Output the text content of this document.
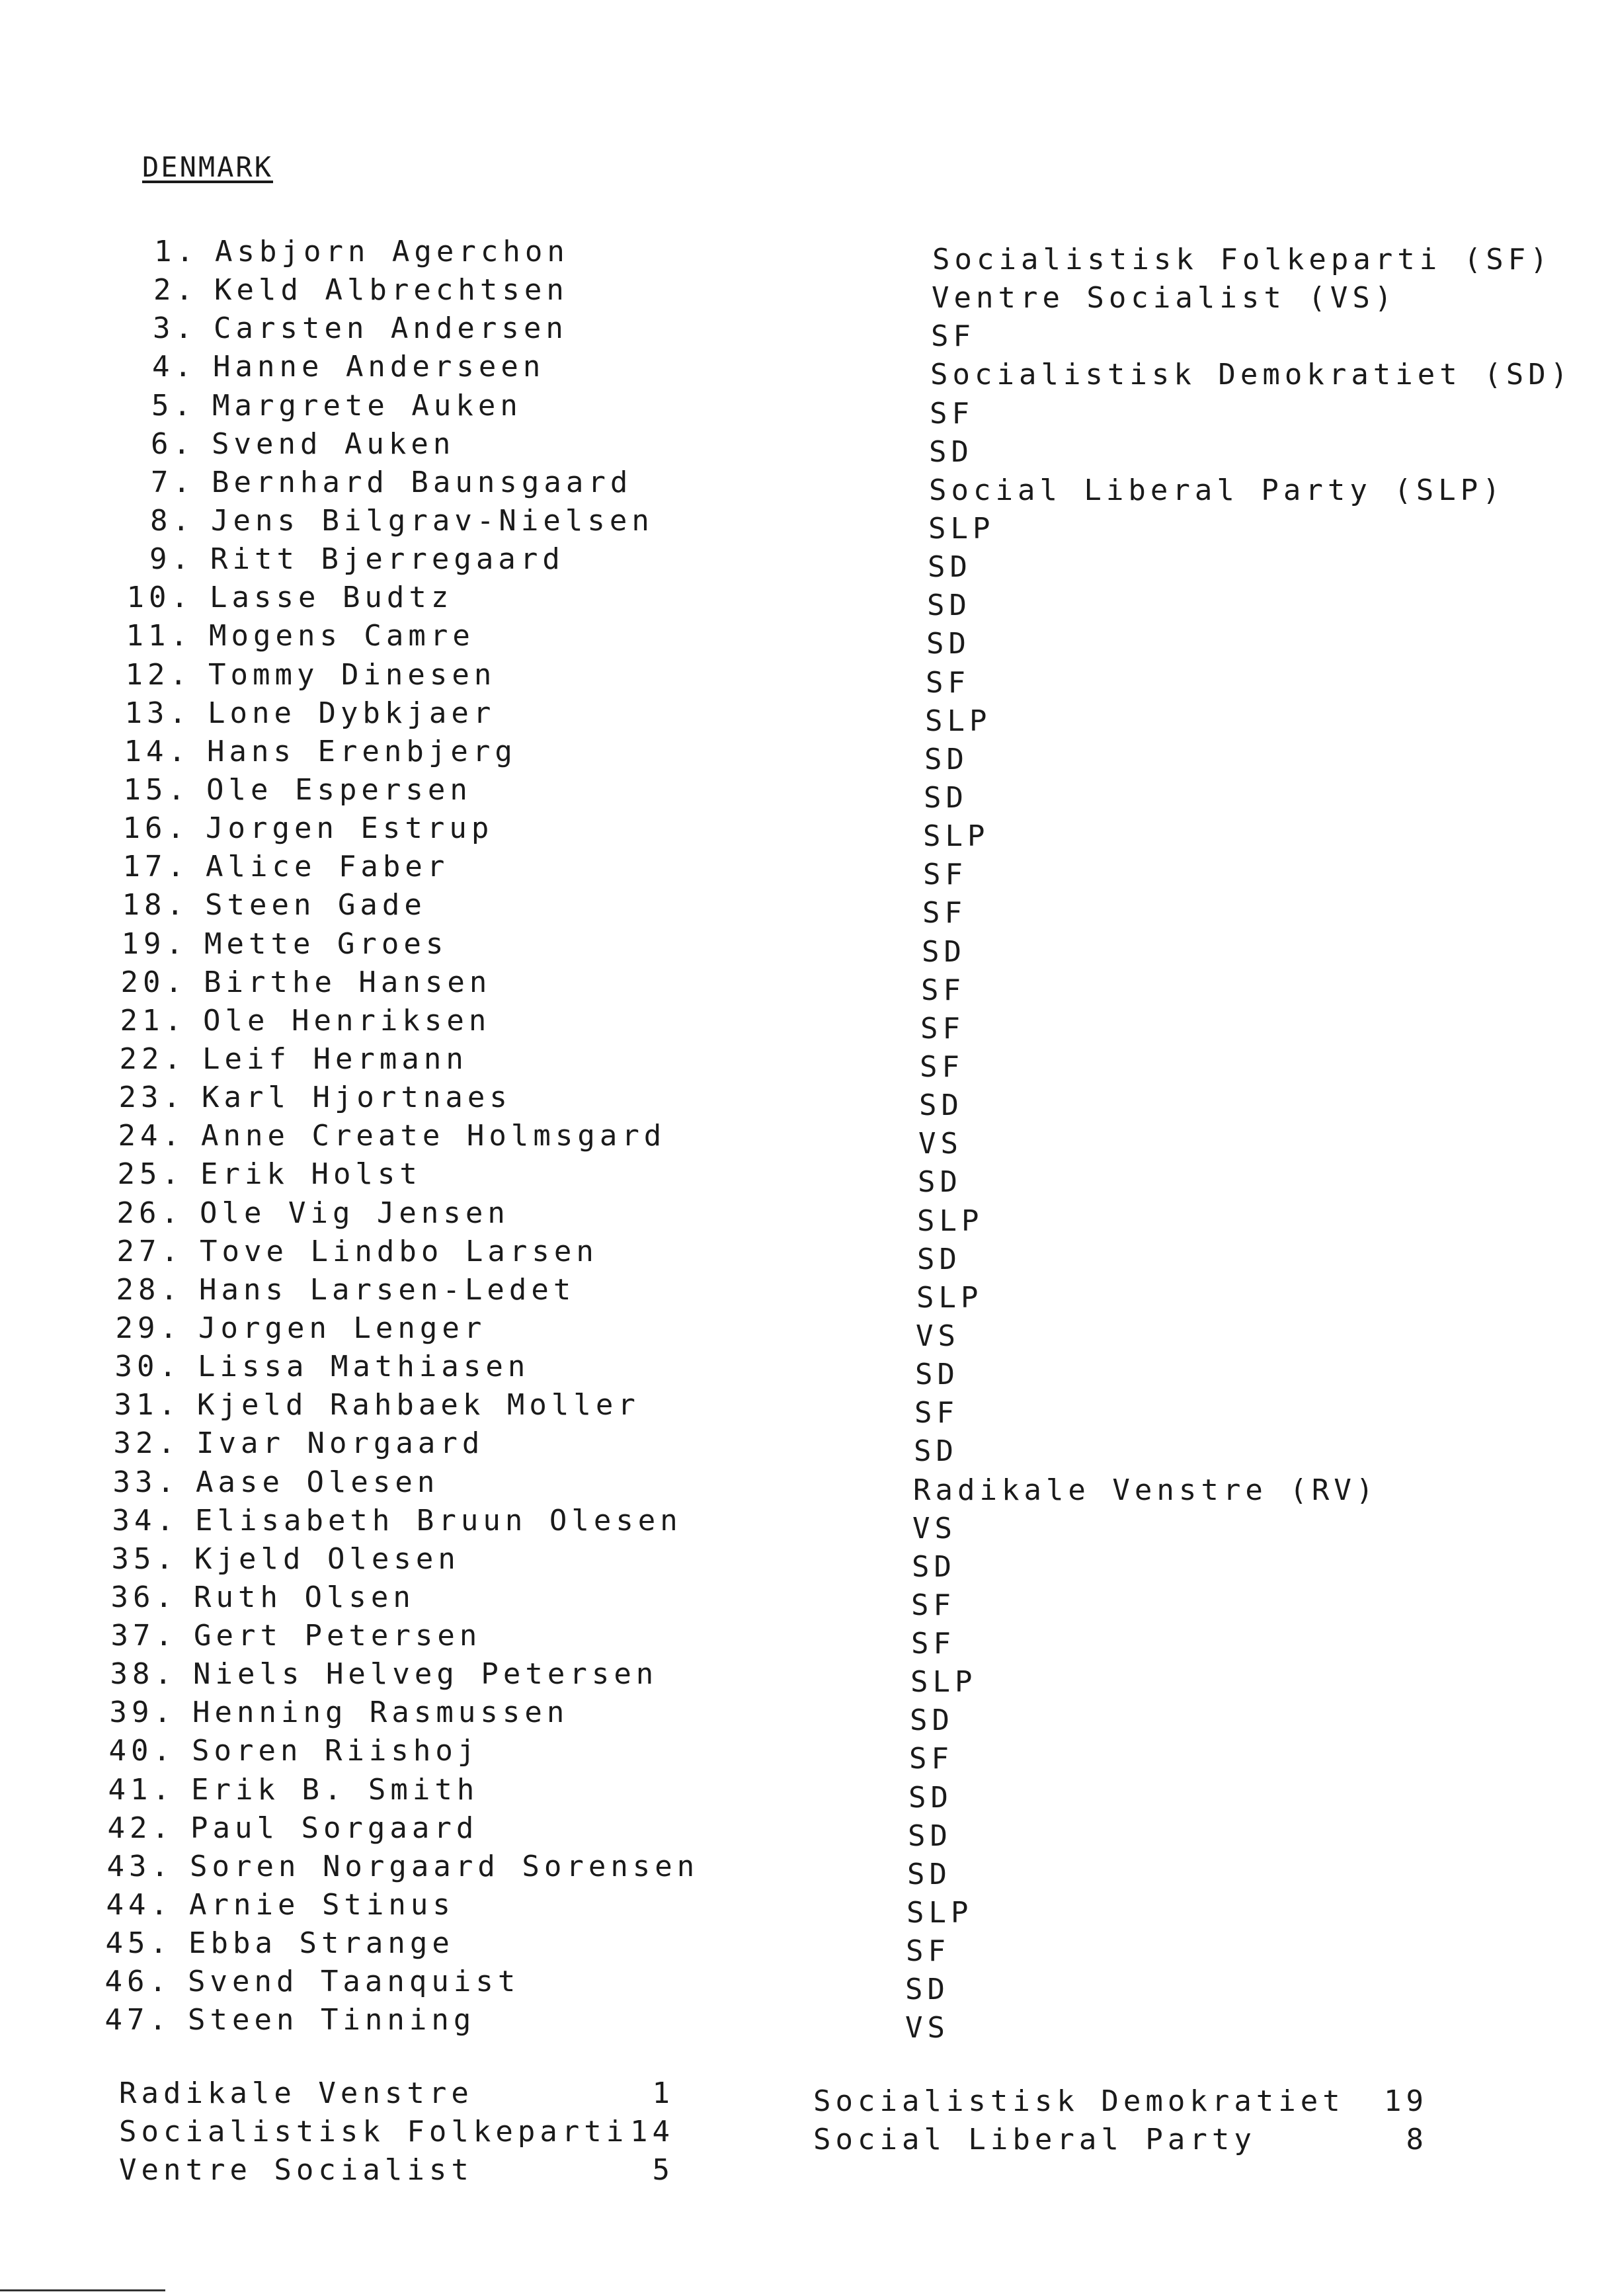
DENMARK
1. Asbjorn Agerchon	Socialistisk Folkeparti (SF)
2. Keld Albrechtsen	Ventre Socialist (VS)
3. Carsten Andersen	SF
4. Hanne Anderseen	Socialistisk Demokratiet (SD)
5. Margrete Auken	SF
6. Svend Auken	SD
7. Bernhard Baunsgaard	Social Liberal Party (SLP)
8. Jens Bilgrav-Nielsen	SLP
9. Ritt Bjerregaard	SD
10. Lasse Budtz	SD
11. Mogens Camre	SD
12. Tommy Dinesen	SF
13. Lone Dybkjaer	SLP
14. Hans Erenbjerg	SD
15. Ole Espersen	SD
16. Jorgen Estrup	SLP
17. Alice Faber	SF
18. Steen Gade	SF
19. Mette Groes	SD
20. Birthe Hansen	SF
21. Ole Henriksen	SF
22. Leif Hermann	SF
23. Karl Hjortnaes	SD
24. Anne Create Holmsgard	VS
25. Erik Holst	SD
26. Ole Vig Jensen	SLP
27. Tove Lindbo Larsen	SD
28. Hans Larsen-Ledet	SLP
29. Jorgen Lenger	VS
30. Lissa Mathiasen	SD
31. Kjeld Rahbaek Moller	SF
32. Ivar Norgaard	SD
33. Aase Olesen	Radikale Venstre (RV)
34. Elisabeth Bruun Olesen	VS
35. Kjeld Olesen	SD
36. Ruth Olsen	SF
37. Gert Petersen	SF
38. Niels Helveg Petersen	SLP
39. Henning Rasmussen	SD
40. Soren Riishoj	SF
41. Erik B. Smith	SD
42. Paul Sorgaard	SD
43. Soren Norgaard Sorensen	SD
44. Arnie Stinus	SLP
45. Ebba Strange	SF
46. Svend Taanquist	SD
47. Steen Tinning	VS
Radikale Venstre	1
Socialistisk Folkeparti 14
Ventre Socialist	5
Socialistisk Demokratiet 19
Social Liberal Party	8
